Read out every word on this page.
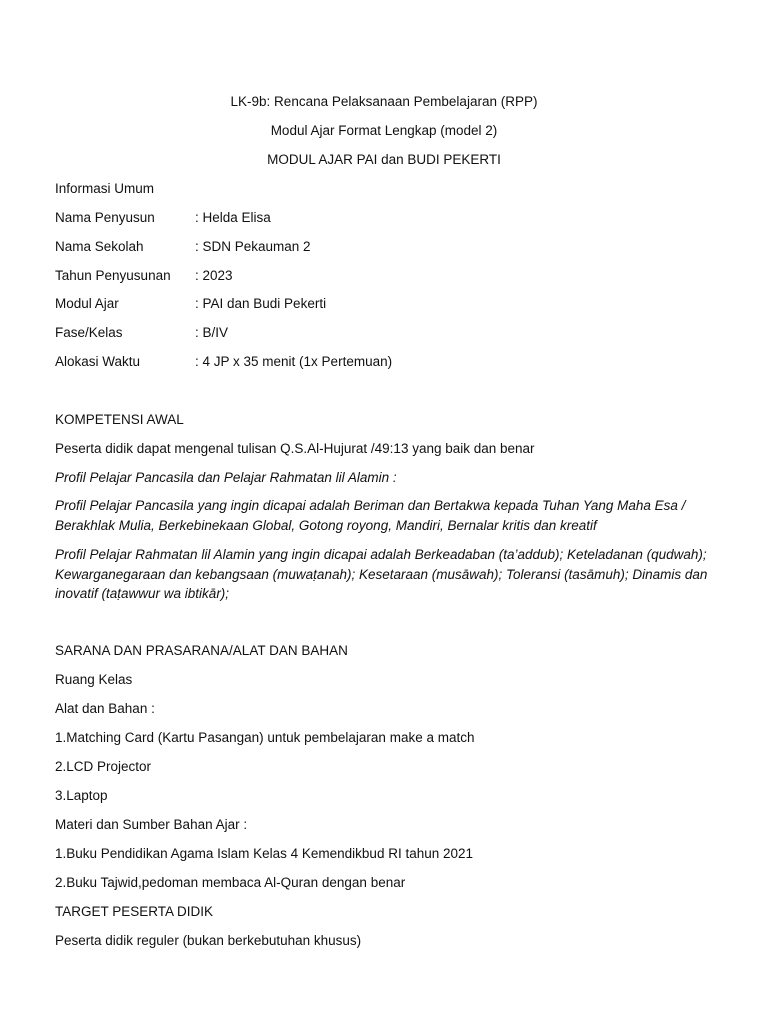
LK-9b: Rencana Pelaksanaan Pembelajaran (RPP)
Modul Ajar Format Lengkap (model 2)
MODUL AJAR PAI dan BUDI PEKERTI
Informasi Umum
Nama Penyusun	: Helda Elisa
Nama Sekolah	: SDN Pekauman 2
Tahun Penyusunan : 2023
Modul Ajar	: PAI dan Budi Pekerti
Fase/Kelas	: B/IV
Alokasi Waktu	: 4 JP x 35 menit (1x Pertemuan)
KOMPETENSI AWAL
Peserta didik dapat mengenal tulisan Q.S.Al-Hujurat /49:13 yang baik dan benar
Profil Pelajar Pancasila dan Pelajar Rahmatan lil Alamin :
Profil Pelajar Pancasila yang ingin dicapai adalah Beriman dan Bertakwa kepada Tuhan Yang Maha Esa /
Berakhlak Mulia, Berkebinekaan Global, Gotong royong, Mandiri, Bernalar kritis dan kreatif
Profil Pelajar Rahmatan lil Alamin yang ingin dicapai adalah Berkeadaban (ta’addub); Keteladanan (qudwah);
Kewarganegaraan dan kebangsaan (muwaṭanah); Kesetaraan (musāwah); Toleransi (tasāmuh); Dinamis dan
inovatif (taṭawwur wa ibtikār);
SARANA DAN PRASARANA/ALAT DAN BAHAN
Ruang Kelas
Alat dan Bahan :
1.Matching Card (Kartu Pasangan) untuk pembelajaran make a match
2.LCD Projector
3.Laptop
Materi dan Sumber Bahan Ajar :
1.Buku Pendidikan Agama Islam Kelas 4 Kemendikbud RI tahun 2021
2.Buku Tajwid,pedoman membaca Al-Quran dengan benar
TARGET PESERTA DIDIK
Peserta didik reguler (bukan berkebutuhan khusus)
